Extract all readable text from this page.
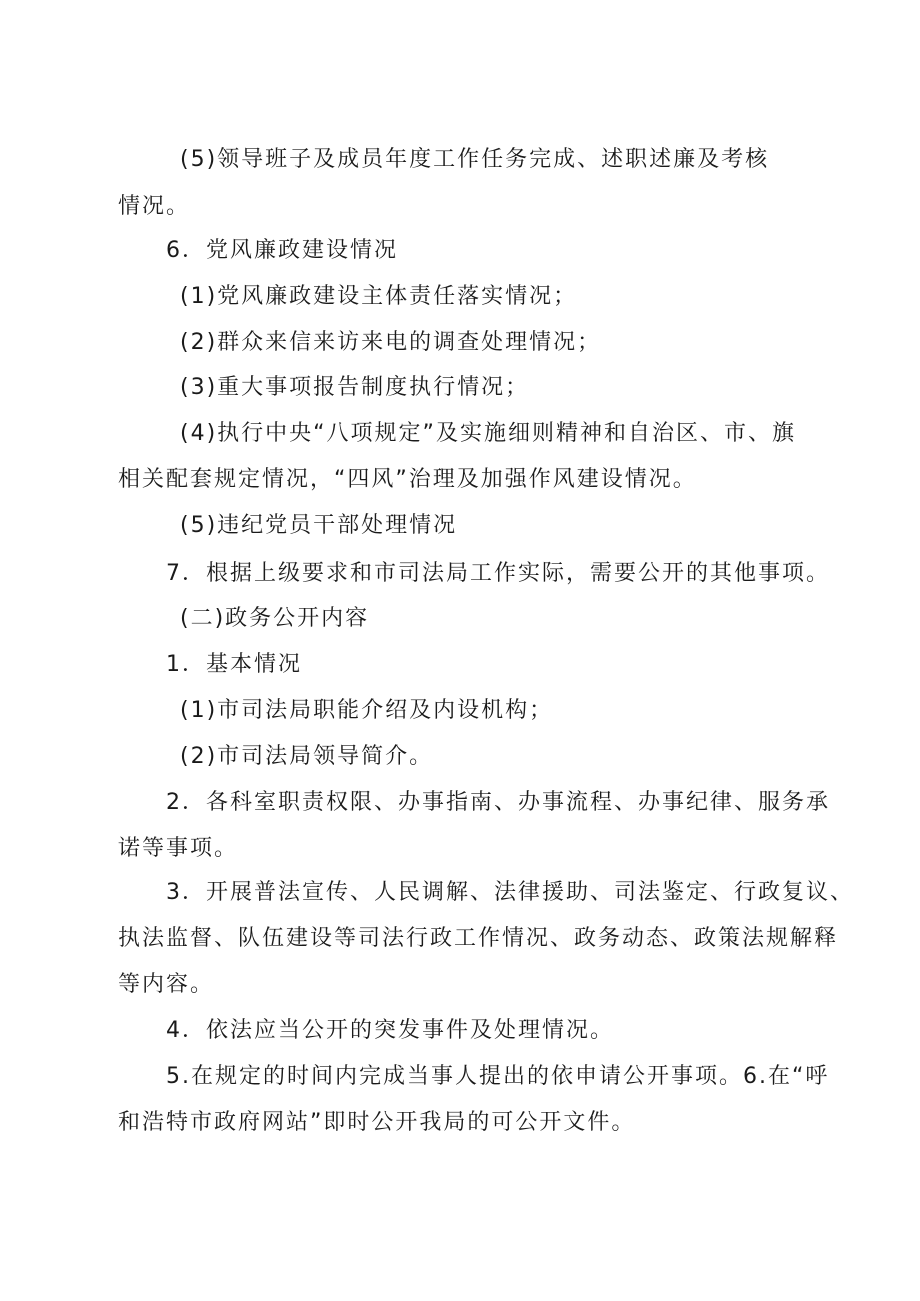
(5)领导班子及成员年度工作任务完成、述职述廉及考核
情况。
6．党风廉政建设情况
(1)党风廉政建设主体责任落实情况；
(2)群众来信来访来电的调查处理情况；
(3)重大事项报告制度执行情况；
(4)执行中央“八项规定”及实施细则精神和自治区、市、旗
相关配套规定情况，“四风”治理及加强作风建设情况。
(5)违纪党员干部处理情况
7．根据上级要求和市司法局工作实际，需要公开的其他事项。
(二)政务公开内容
1．基本情况
(1)市司法局职能介绍及内设机构；
(2)市司法局领导简介。
2．各科室职责权限、办事指南、办事流程、办事纪律、服务承
诺等事项。
3．开展普法宣传、人民调解、法律援助、司法鉴定、行政复议、
执法监督、队伍建设等司法行政工作情况、政务动态、政策法规解释
等内容。
4．依法应当公开的突发事件及处理情况。
5.在规定的时间内完成当事人提出的依申请公开事项。6.在“呼
和浩特市政府网站”即时公开我局的可公开文件。
